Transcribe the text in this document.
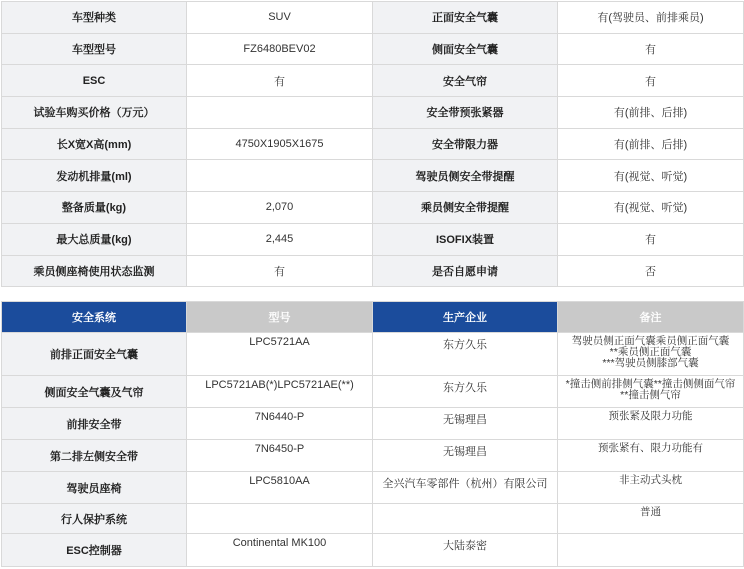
车型种类	SUV	正面安全气囊	有(驾驶员、前排乘员)
车型型号	FZ6480BEV02	侧面安全气囊	有
ESC	有	安全气帘	有
试验车购买价格（万元）		安全带预张紧器	有(前排、后排)
长X宽X高(mm)	4750X1905X1675	安全带限力器	有(前排、后排)
发动机排量(ml)		驾驶员侧安全带提醒	有(视觉、听觉)
整备质量(kg)	2,070	乘员侧安全带提醒	有(视觉、听觉)
最大总质量(kg)	2,445	ISOFIX装置	有
乘员侧座椅使用状态监测	有	是否自愿申请	否
安全系统	型号	生产企业	备注
前排正面安全气囊	LPC5721AA	东方久乐	驾驶员侧正面气囊乘员侧正面气囊
**乘员侧正面气囊
***驾驶员侧膝部气囊

侧面安全气囊及气帘	LPC5721AB(*)LPC5721AE(**)	东方久乐	*撞击侧前排侧气囊**撞击侧侧面气帘
**撞击侧气帘

前排安全带	7N6440-P	无锡理昌	预张紧及限力功能

第二排左侧安全带	7N6450-P	无锡理昌	预张紧有、限力功能有

驾驶员座椅	LPC5810AA	全兴汽车零部件（杭州）有限公司	非主动式头枕

行人保护系统			普通

ESC控制器	Continental MK100	大陆泰密	
